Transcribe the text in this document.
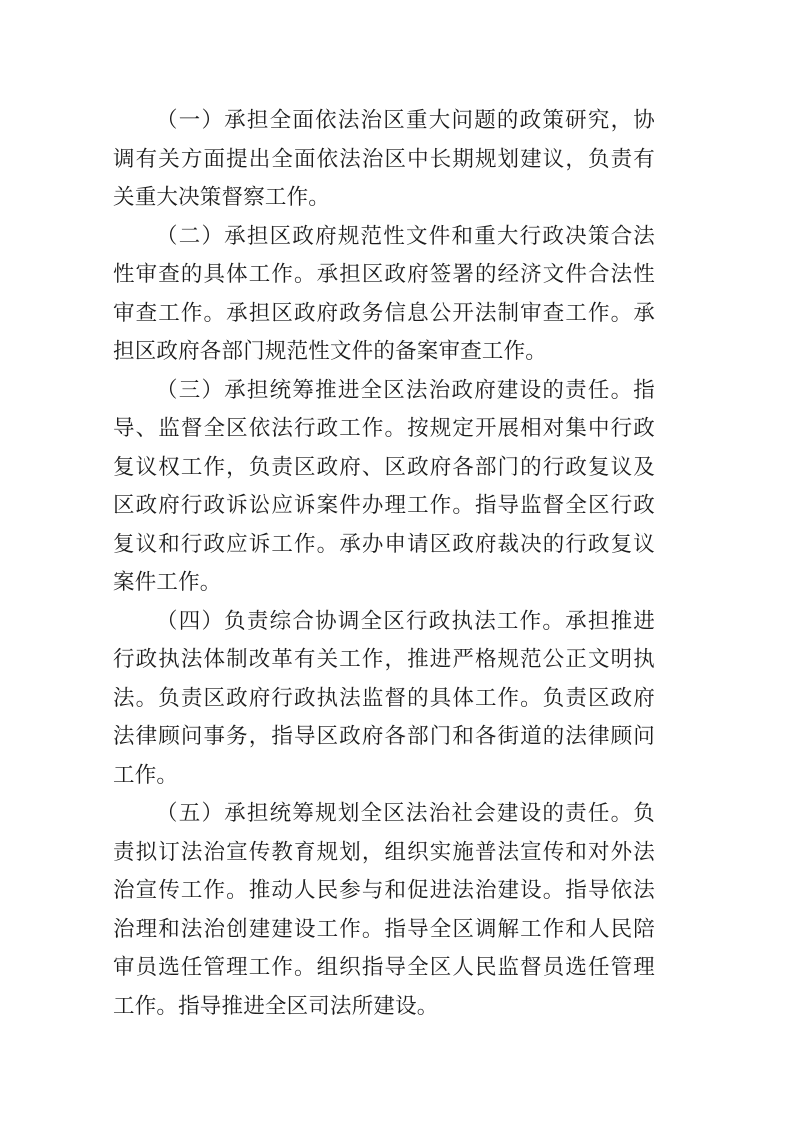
（一）承担全面依法治区重大问题的政策研究，协调有关方面提出全面依法治区中长期规划建议，负责有关重大决策督察工作。

（二）承担区政府规范性文件和重大行政决策合法性审查的具体工作。承担区政府签署的经济文件合法性审查工作。承担区政府政务信息公开法制审查工作。承担区政府各部门规范性文件的备案审查工作。

（三）承担统筹推进全区法治政府建设的责任。指导、监督全区依法行政工作。按规定开展相对集中行政复议权工作，负责区政府、区政府各部门的行政复议及区政府行政诉讼应诉案件办理工作。指导监督全区行政复议和行政应诉工作。承办申请区政府裁决的行政复议案件工作。

（四）负责综合协调全区行政执法工作。承担推进行政执法体制改革有关工作，推进严格规范公正文明执法。负责区政府行政执法监督的具体工作。负责区政府法律顾问事务，指导区政府各部门和各街道的法律顾问工作。

（五）承担统筹规划全区法治社会建设的责任。负责拟订法治宣传教育规划，组织实施普法宣传和对外法治宣传工作。推动人民参与和促进法治建设。指导依法治理和法治创建建设工作。指导全区调解工作和人民陪审员选任管理工作。组织指导全区人民监督员选任管理工作。指导推进全区司法所建设。
